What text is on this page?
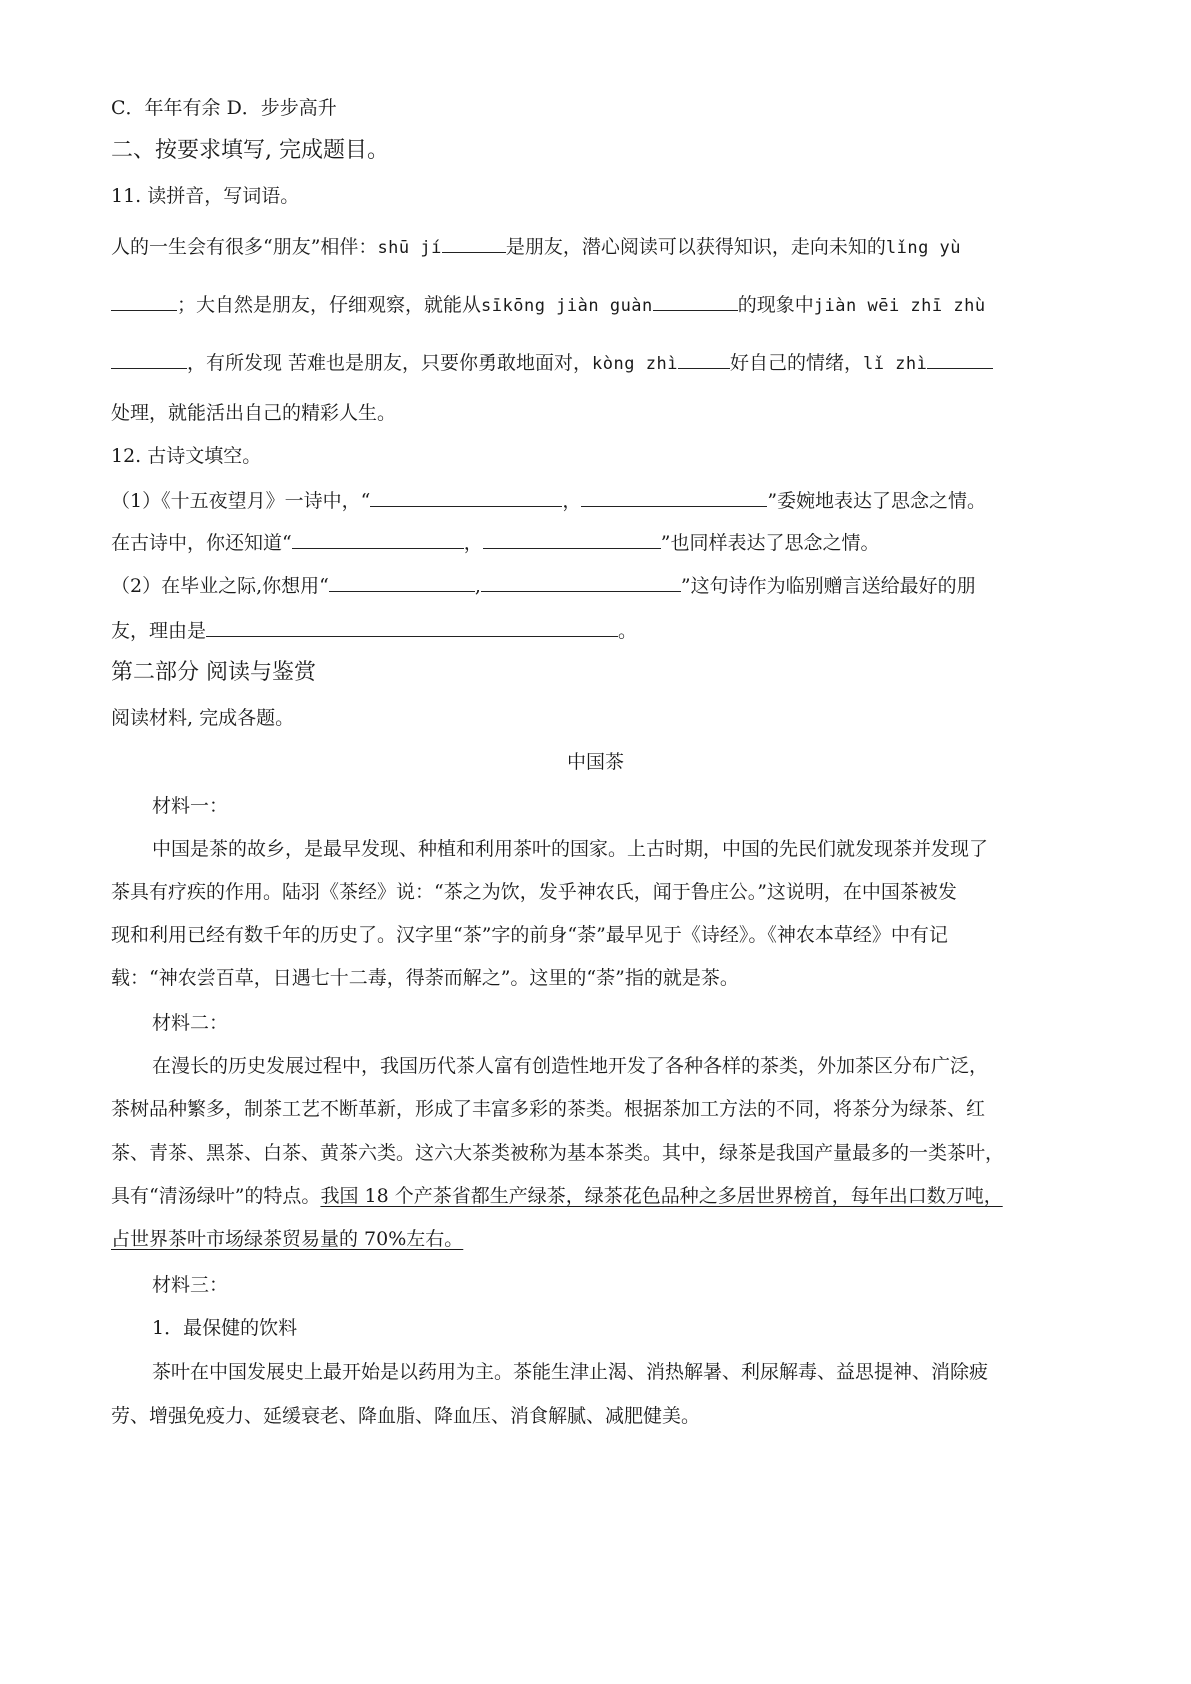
C．年年有余 D．步步高升
二、按要求填写, 完成题目。
11. 读拼音，写词语。
人的一生会有很多“朋友”相伴：shū jí	是朋友，潜心阅读可以获得知识，走向未知的lǐng yù
；大自然是朋友，仔细观察，就能从sīkōng jiàn guàn	的现象中jiàn wēi zhī zhù
，有所发现 苦难也是朋友，只要你勇敢地面对，kòng zhì	好自己的情绪，lǐ zhì
处理，就能活出自己的精彩人生。
12. 古诗文填空。
（1）《十五夜望月》一诗中，“	，	”委婉地表达了思念之情。
在古诗中，你还知道“	，	”也同样表达了思念之情。
（2）在毕业之际,你想用“	,	”这句诗作为临别赠言送给最好的朋
友，理由是	。
第二部分 阅读与鉴赏
阅读材料, 完成各题。
中国茶
材料一：
中国是茶的故乡，是最早发现、种植和利用茶叶的国家。上古时期，中国的先民们就发现茶并发现了
茶具有疗疾的作用。陆羽《茶经》说：“茶之为饮，发乎神农氏，闻于鲁庄公。”这说明，在中国茶被发
现和利用已经有数千年的历史了。汉字里“茶”字的前身“荼”最早见于《诗经》。《神农本草经》中有记
载：“神农尝百草，日遇七十二毒，得荼而解之”。这里的“荼”指的就是茶。
材料二：
在漫长的历史发展过程中，我国历代茶人富有创造性地开发了各种各样的茶类，外加茶区分布广泛，
茶树品种繁多，制茶工艺不断革新，形成了丰富多彩的茶类。根据茶加工方法的不同，将茶分为绿茶、红
茶、青茶、黑茶、白茶、黄茶六类。这六大茶类被称为基本茶类。其中，绿茶是我国产量最多的一类茶叶，
具有“清汤绿叶”的特点。我国 18 个产茶省都生产绿茶，绿茶花色品种之多居世界榜首，每年出口数万吨，
占世界茶叶市场绿茶贸易量的 70%左右。
材料三：
1．最保健的饮料
茶叶在中国发展史上最开始是以药用为主。茶能生津止渴、消热解暑、利尿解毒、益思提神、消除疲
劳、增强免疫力、延缓衰老、降血脂、降血压、消食解腻、减肥健美。
